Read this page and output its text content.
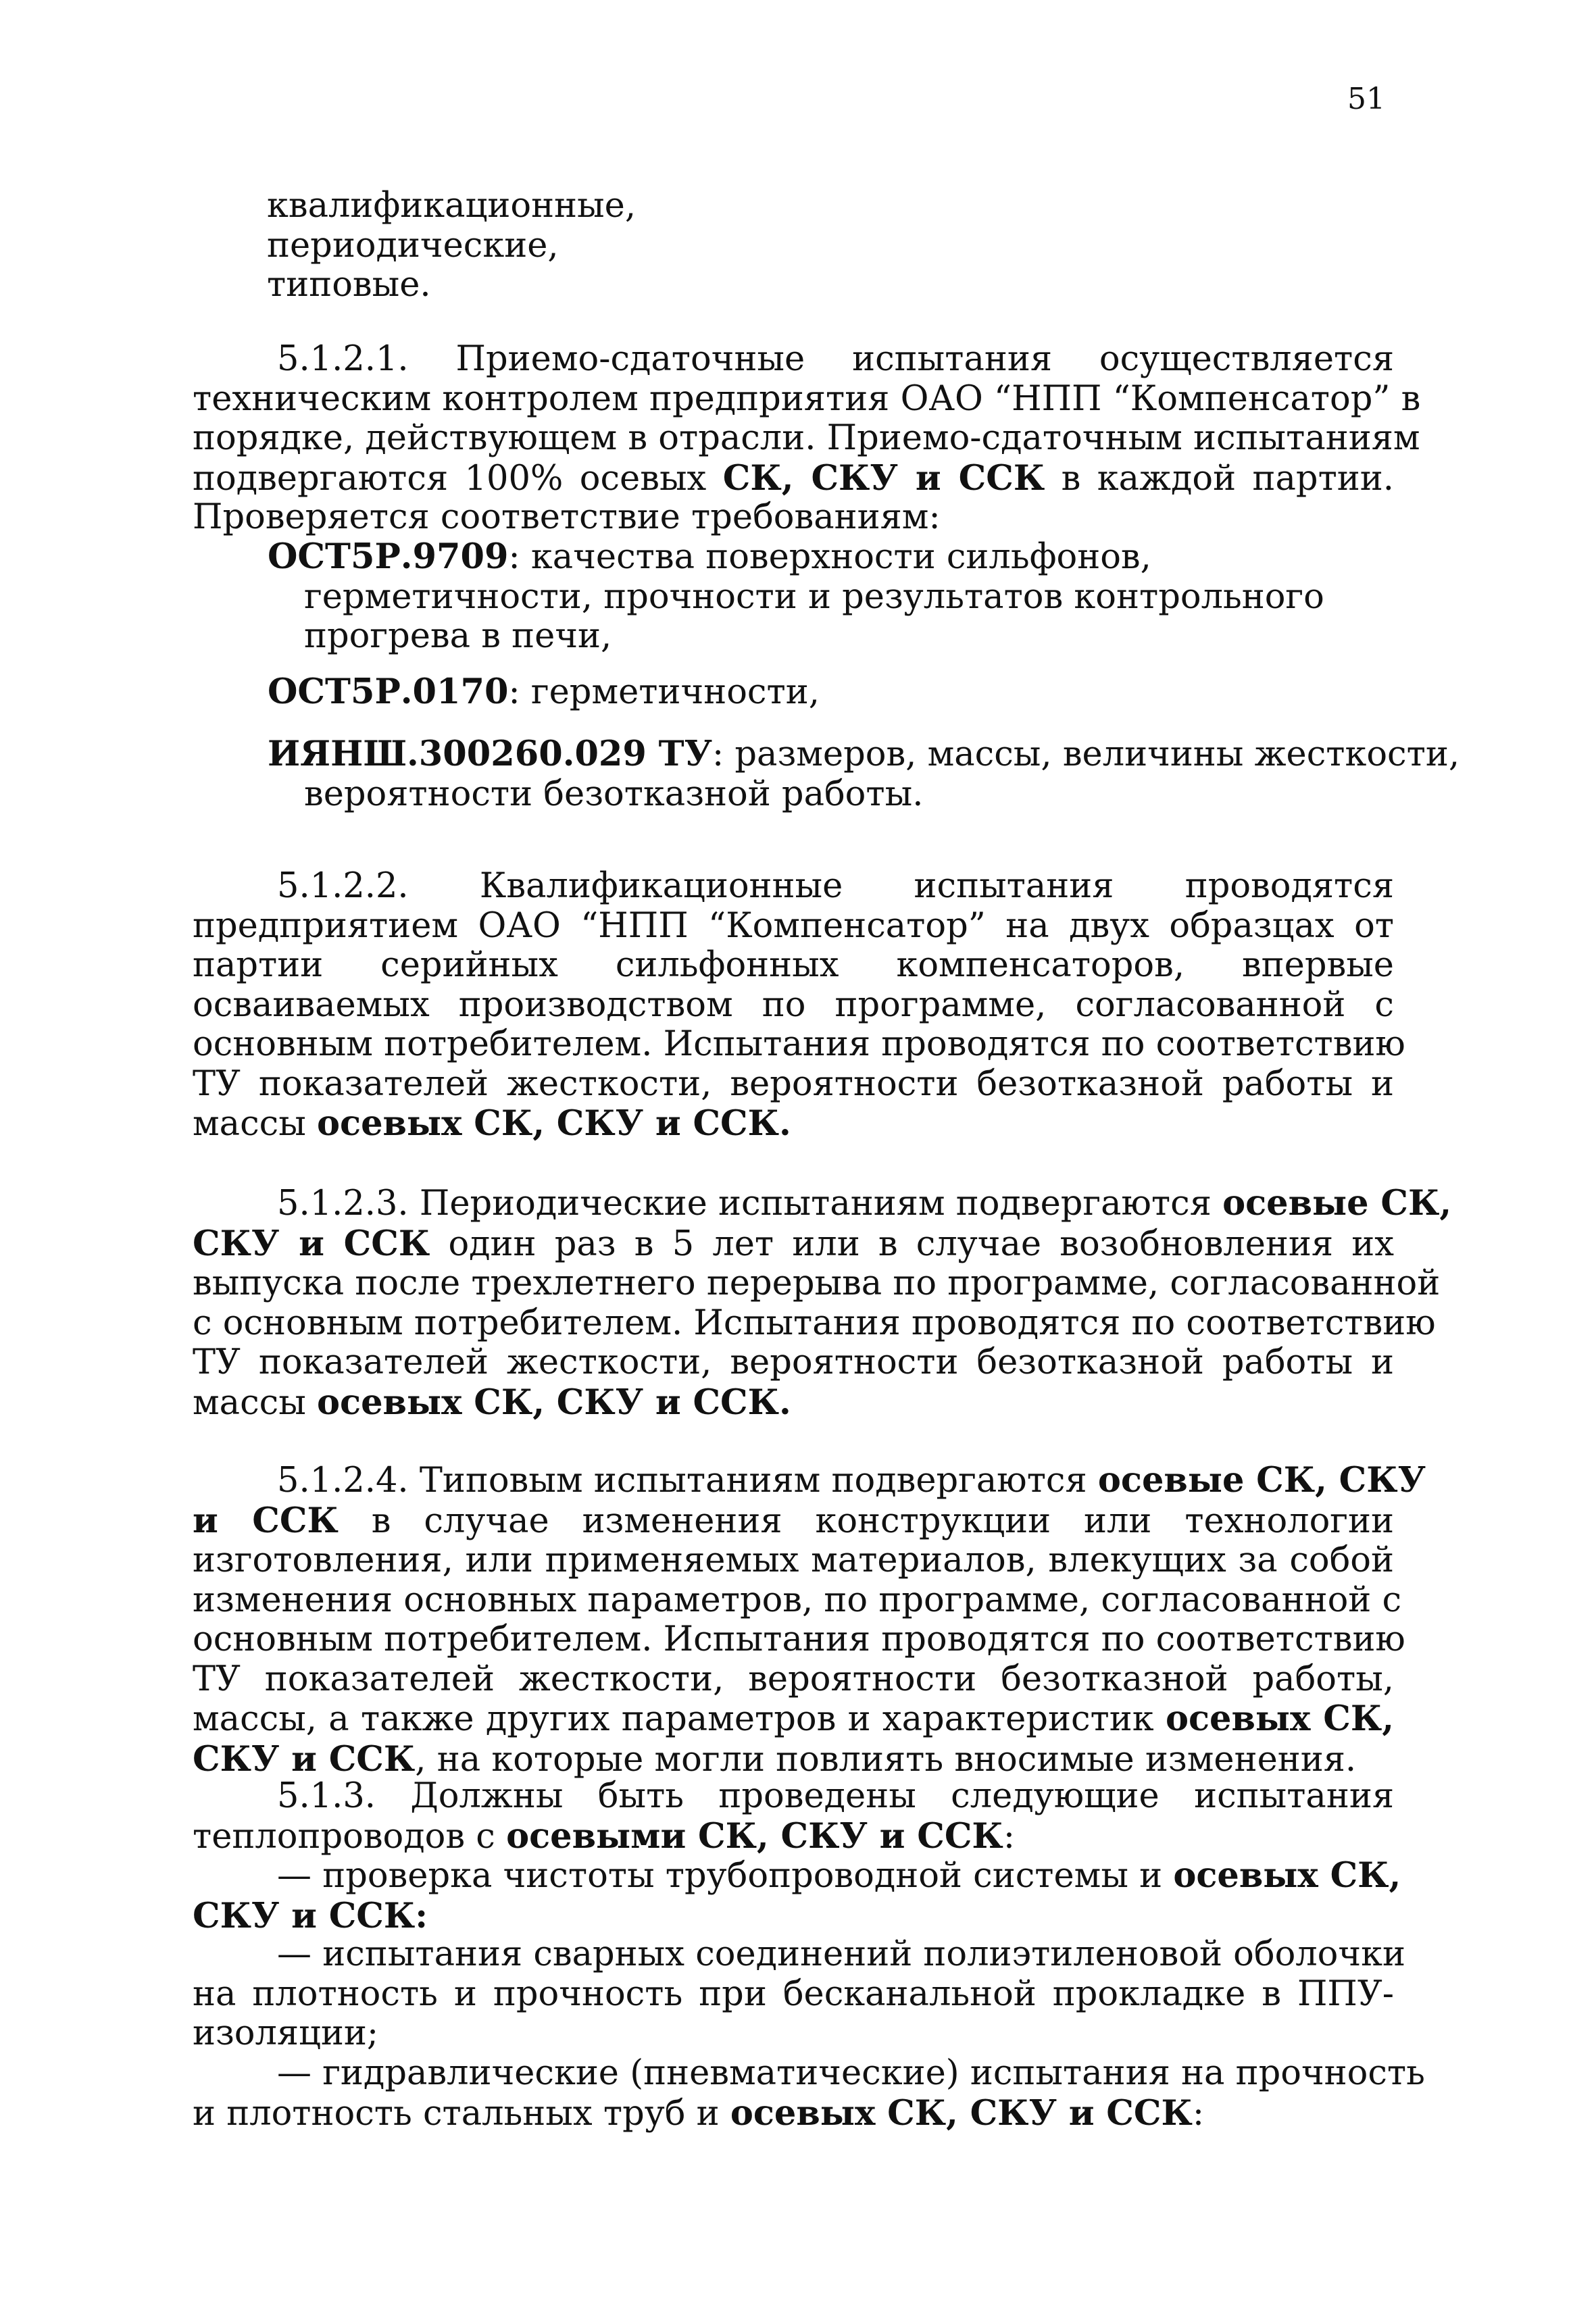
51
квалификационные,
периодические,
типовые.
5.1.2.1. Приемо-сдаточные испытания осуществляется
техническим контролем предприятия ОАО “НПП “Компенсатор” в
порядке, действующем в отрасли. Приемо-сдаточным испытаниям
подвергаются 100% осевых СК, СКУ и ССК в каждой партии.
Проверяется соответствие требованиям:
ОСТ5Р.9709: качества поверхности сильфонов,
герметичности, прочности и результатов контрольного
прогрева в печи,
ОСТ5Р.0170: герметичности,
ИЯНШ.300260.029 ТУ: размеров, массы, величины жесткости,
вероятности безотказной работы.
5.1.2.2. Квалификационные испытания проводятся
предприятием ОАО “НПП “Компенсатор” на двух образцах от
партии серийных сильфонных компенсаторов, впервые
осваиваемых производством по программе, согласованной с
основным потребителем. Испытания проводятся по соответствию
ТУ показателей жесткости, вероятности безотказной работы и
массы осевых СК, СКУ и ССК.
5.1.2.3. Периодические испытаниям подвергаются осевые СК,
СКУ и ССК один раз в 5 лет или в случае возобновления их
выпуска после трехлетнего перерыва по программе, согласованной
с основным потребителем. Испытания проводятся по соответствию
ТУ показателей жесткости, вероятности безотказной работы и
массы осевых СК, СКУ и ССК.
5.1.2.4. Типовым испытаниям подвергаются осевые СК, СКУ
и ССК в случае изменения конструкции или технологии
изготовления, или применяемых материалов, влекущих за собой
изменения основных параметров, по программе, согласованной с
основным потребителем. Испытания проводятся по соответствию
ТУ показателей жесткости, вероятности безотказной работы,
массы, а также других параметров и характеристик осевых СК,
СКУ и ССК, на которые могли повлиять вносимые изменения.
5.1.3. Должны быть проведены следующие испытания
теплопроводов с осевыми СК, СКУ и ССК:
— проверка чистоты трубопроводной системы и осевых СК,
СКУ и ССК:
— испытания сварных соединений полиэтиленовой оболочки
на плотность и прочность при бесканальной прокладке в ППУ-
изоляции;
— гидравлические (пневматические) испытания на прочность
и плотность стальных труб и осевых СК, СКУ и ССК:
